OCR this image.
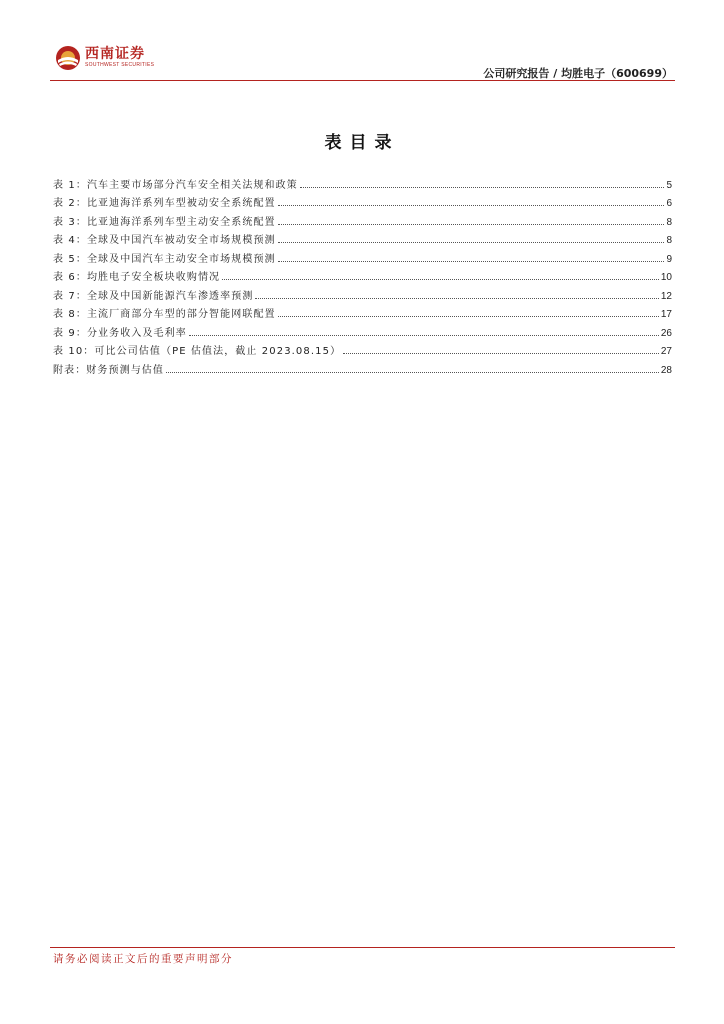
西南证券
SOUTHWEST SECURITIES
公司研究报告 / 均胜电子（600699）
表目录
表 1：汽车主要市场部分汽车安全相关法规和政策	5
表 2：比亚迪海洋系列车型被动安全系统配置	6
表 3：比亚迪海洋系列车型主动安全系统配置	8
表 4：全球及中国汽车被动安全市场规模预测	8
表 5：全球及中国汽车主动安全市场规模预测	9
表 6：均胜电子安全板块收购情况	10
表 7：全球及中国新能源汽车渗透率预测	12
表 8：主流厂商部分车型的部分智能网联配置	17
表 9：分业务收入及毛利率	26
表 10：可比公司估值（PE 估值法，截止 2023.08.15）	27
附表：财务预测与估值	28
请务必阅读正文后的重要声明部分
